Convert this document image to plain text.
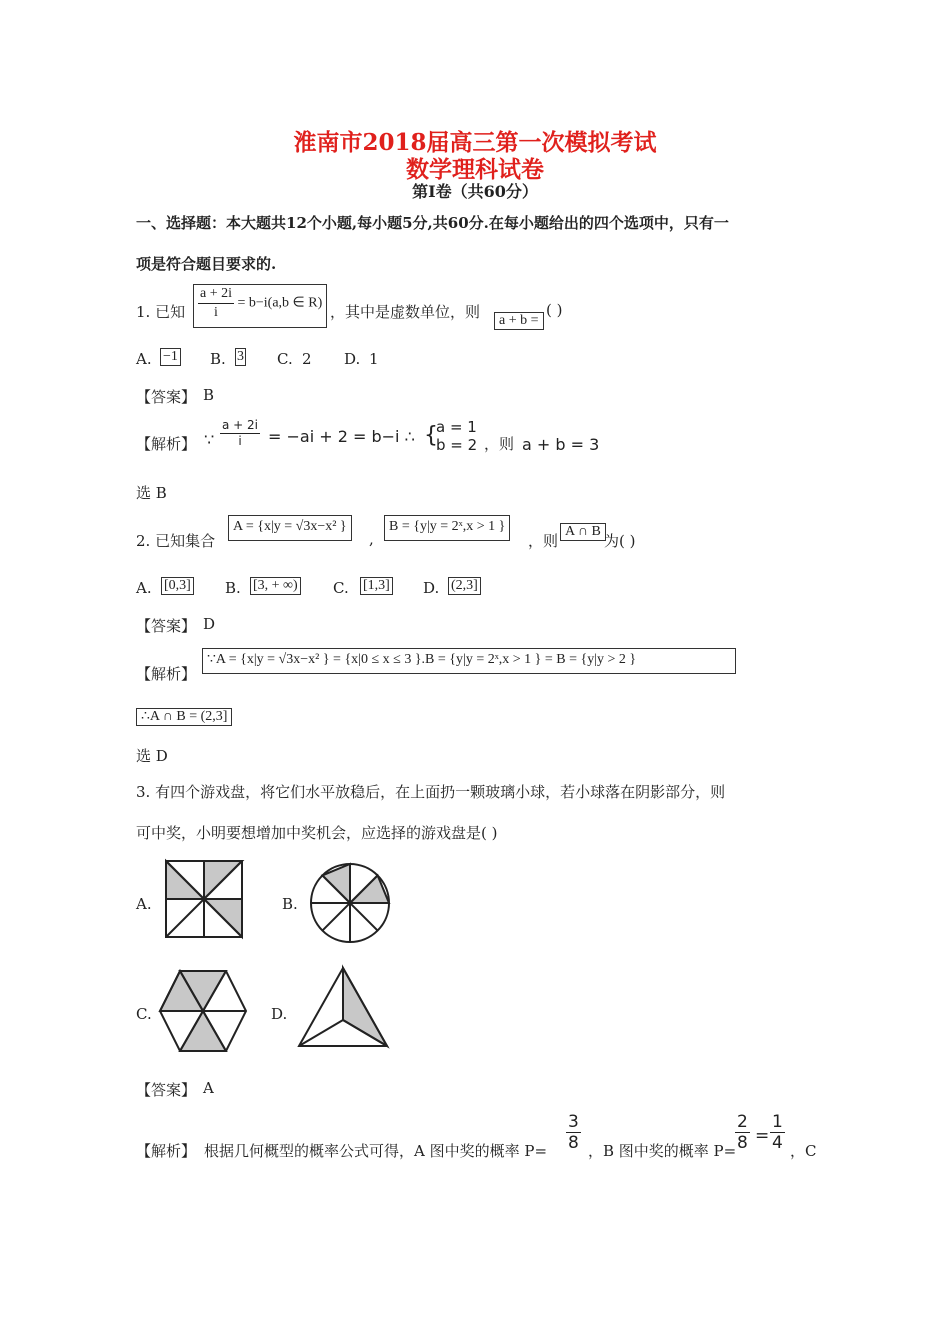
淮南市2018届高三第一次模拟考试
数学理科试卷
第I卷（共60分）
一、选择题：本大题共12个小题,每小题5分,共60分.在每小题给出的四个选项中，只有一
项是符合题目要求的.
1. 已知 $\frac{a + 2i}{i} = b-i(a,b$ ∈ R) ，其中是虚数单位，则	a + b =
( )
A. −1 B. 3 C. 2 D. 1
【答案】 B
【解析】 ∵ $\frac{a + 2i}{i} = -ai + 2 = b-i$ ∴ {
a = 1
b = 2 ，则 a + b = 3
选 B
2. 已知集合
A = {x|y = √3x−x² }
,
B = {y|y = 2ˣ,x > 1 }
，则
A ∩ B
为( )
A. [0,3] B. [3, + ∞) C. [1,3] D. (2,3]
【答案】 D
【解析】
∵A = {x|y = √3x−x² } = {x|0 ≤ x ≤ 3 }.B = {y|y = 2ˣ,x > 1 } = B = {y|y > 2 }
∴A ∩ B = (2,3]
选 D
3. 有四个游戏盘，将它们水平放稳后，在上面扔一颗玻璃小球，若小球落在阴影部分，则
可中奖，小明要想增加中奖机会，应选择的游戏盘是( )
A.	B.
C.	D.
【答案】 A
【解析】 根据几何概型的概率公式可得，A 图中奖的概率 $P= \frac{3}{8}$ ，B 图中奖的概率 P=
$\frac{2}{8} = \frac{1}{4}$ ，C
